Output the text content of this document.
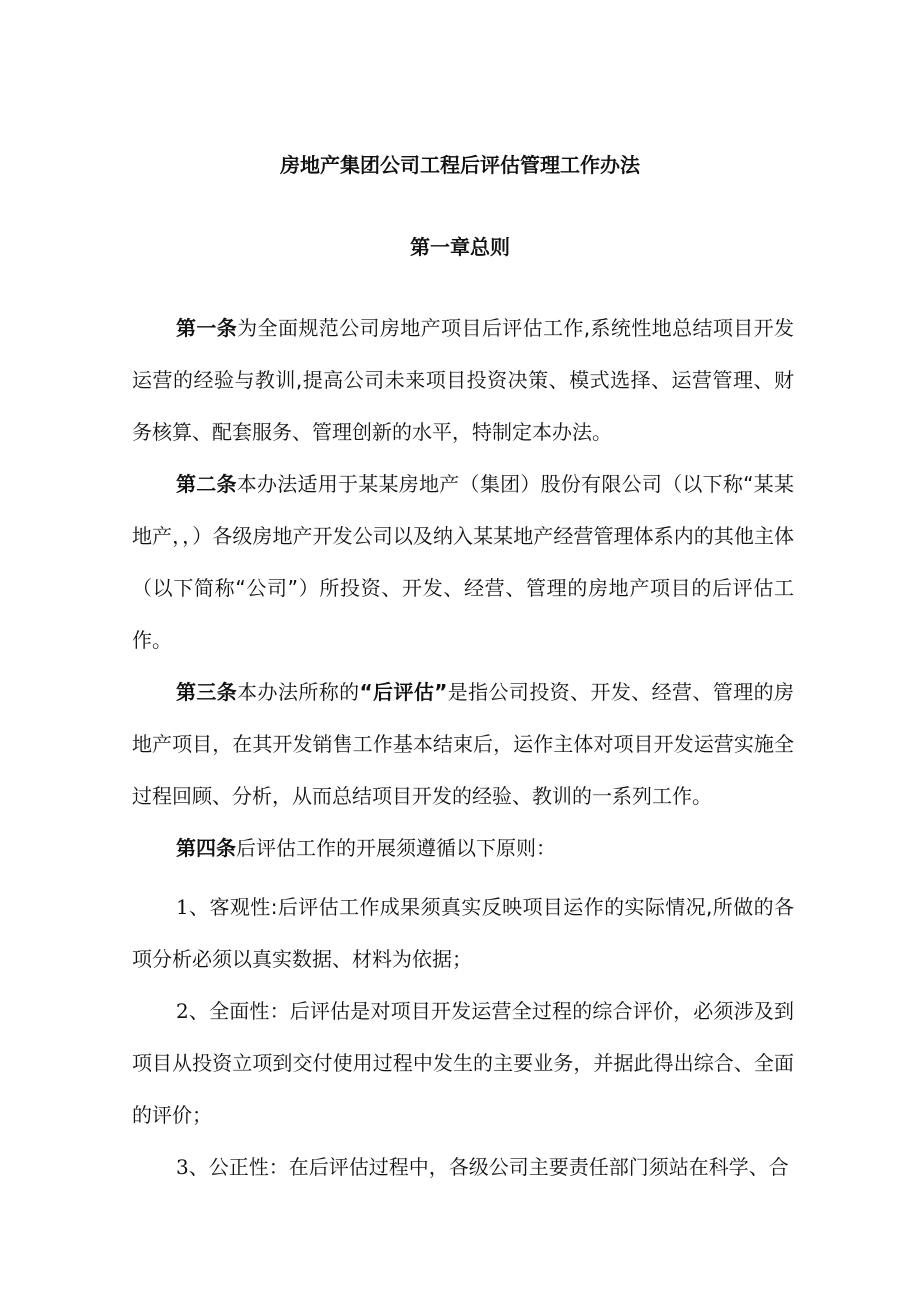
房地产集团公司工程后评估管理工作办法
第一章总则

第一条为全面规范公司房地产项目后评估工作,系统性地总结项目开发运营的经验与教训,提高公司未来项目投资决策、模式选择、运营管理、财务核算、配套服务、管理创新的水平，特制定本办法。

第二条本办法适用于某某房地产（集团）股份有限公司（以下称“某某地产，，）各级房地产开发公司以及纳入某某地产经营管理体系内的其他主体（以下简称“公司”）所投资、开发、经营、管理的房地产项目的后评估工作。

第三条本办法所称的“后评估”是指公司投资、开发、经营、管理的房地产项目，在其开发销售工作基本结束后，运作主体对项目开发运营实施全过程回顾、分析，从而总结项目开发的经验、教训的一系列工作。

第四条后评估工作的开展须遵循以下原则：

1、客观性:后评估工作成果须真实反映项目运作的实际情况,所做的各项分析必须以真实数据、材料为依据；

2、全面性：后评估是对项目开发运营全过程的综合评价，必须涉及到项目从投资立项到交付使用过程中发生的主要业务，并据此得出综合、全面的评价；

3、公正性：在后评估过程中，各级公司主要责任部门须站在科学、合
